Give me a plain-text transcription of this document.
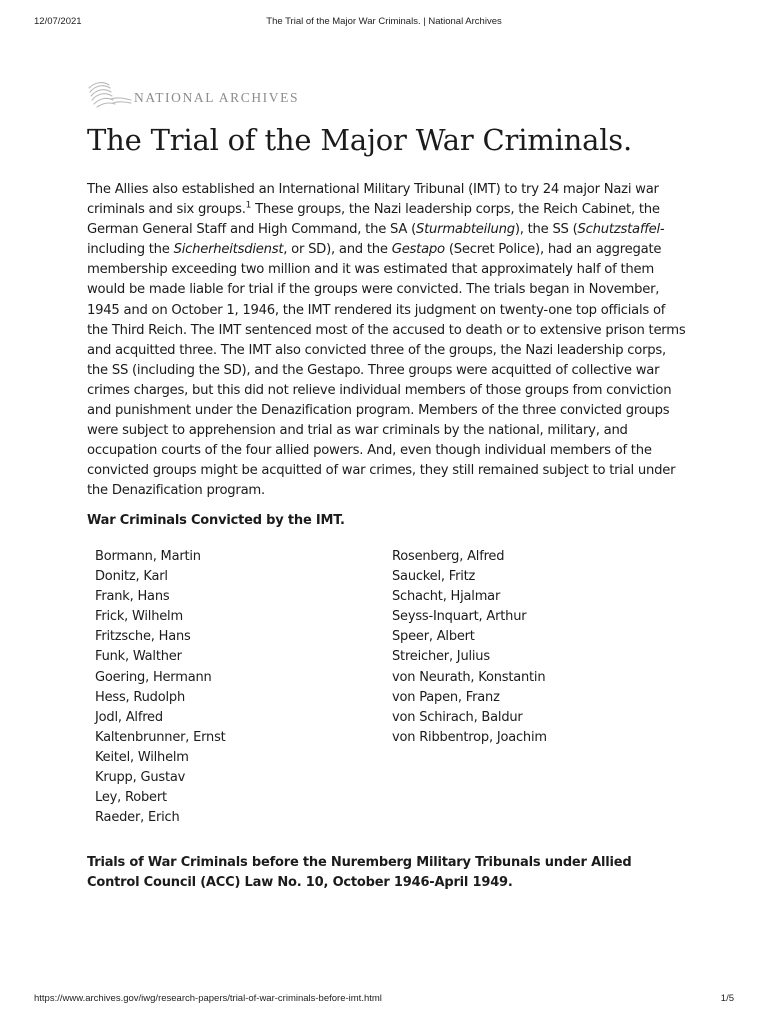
12/07/2021	The Trial of the Major War Criminals. | National Archives
NATIONAL ARCHIVES
The Trial of the Major War Criminals.

The Allies also established an International Military Tribunal (IMT) to try 24 major Nazi war criminals and six groups.$^1$ These groups, the Nazi leadership corps, the Reich Cabinet, the German General Staff and High Command, the SA (Sturmabteilung), the SS (Schutzstaffel- including the Sicherheitsdienst, or SD), and the Gestapo (Secret Police), had an aggregate membership exceeding two million and it was estimated that approximately half of them would be made liable for trial if the groups were convicted. The trials began in November, 1945 and on October 1, 1946, the IMT rendered its judgment on twenty-one top officials of the Third Reich. The IMT sentenced most of the accused to death or to extensive prison terms and acquitted three. The IMT also convicted three of the groups, the Nazi leadership corps, the SS (including the SD), and the Gestapo. Three groups were acquitted of collective war crimes charges, but this did not relieve individual members of those groups from conviction and punishment under the Denazification program. Members of the three convicted groups were subject to apprehension and trial as war criminals by the national, military, and occupation courts of the four allied powers. And, even though individual members of the convicted groups might be acquitted of war crimes, they still remained subject to trial under the Denazification program.

War Criminals Convicted by the IMT.
Bormann, Martin
Donitz, Karl
Frank, Hans
Frick, Wilhelm
Fritzsche, Hans
Funk, Walther
Goering, Hermann
Hess, Rudolph
Jodl, Alfred
Kaltenbrunner, Ernst
Keitel, Wilhelm
Krupp, Gustav
Ley, Robert
Raeder, Erich
Rosenberg, Alfred
Sauckel, Fritz
Schacht, Hjalmar
Seyss-Inquart, Arthur
Speer, Albert
Streicher, Julius
von Neurath, Konstantin
von Papen, Franz
von Schirach, Baldur
von Ribbentrop, Joachim
Trials of War Criminals before the Nuremberg Military Tribunals under Allied Control Council (ACC) Law No. 10, October 1946-April 1949.
https://www.archives.gov/iwg/research-papers/trial-of-war-criminals-before-imt.html	1/5
